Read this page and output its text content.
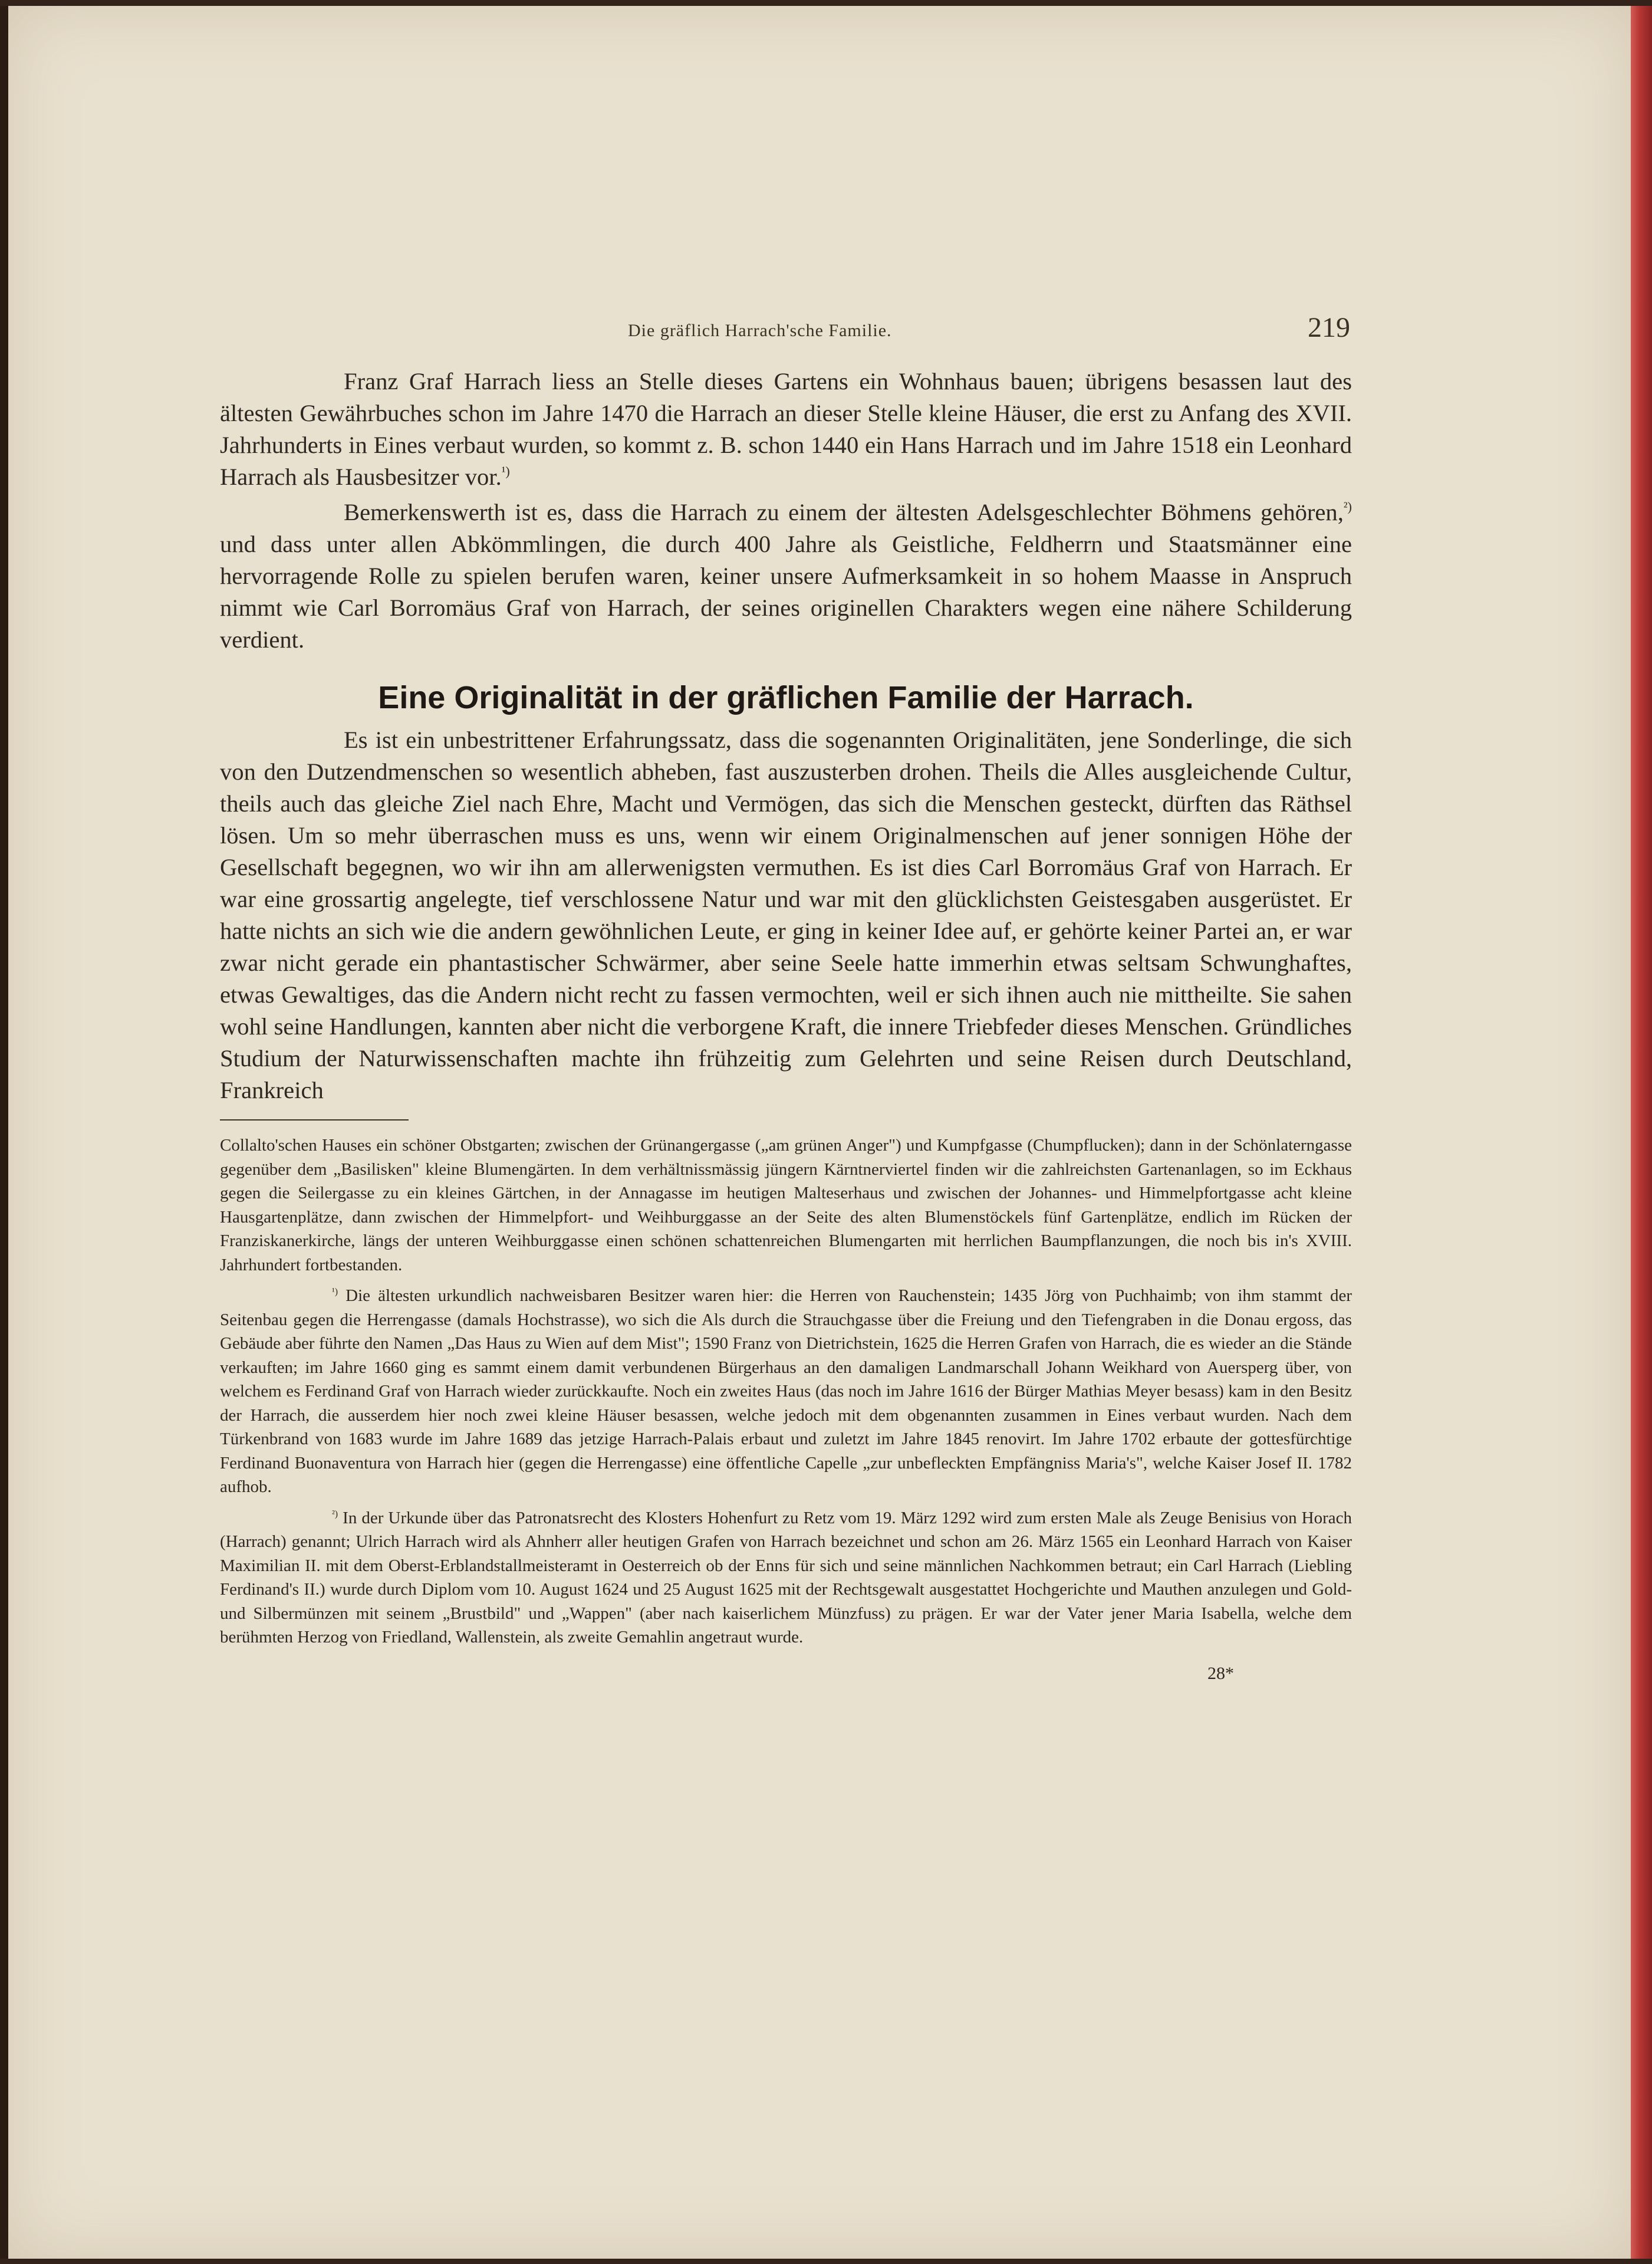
Die gräflich Harrach'sche Familie.	219

Franz Graf Harrach liess an Stelle dieses Gartens ein Wohnhaus bauen; übrigens besassen laut des ältesten Gewährbuches schon im Jahre 1470 die Harrach an dieser Stelle kleine Häuser, die erst zu Anfang des XVII. Jahrhunderts in Eines verbaut wurden, so kommt z. B. schon 1440 ein Hans Harrach und im Jahre 1518 ein Leonhard Harrach als Hausbesitzer vor.$^{^1)}$

Bemerkenswerth ist es, dass die Harrach zu einem der ältesten Adelsgeschlechter Böhmens gehören,$^{^2)}$ und dass unter allen Abkömmlingen, die durch 400 Jahre als Geistliche, Feldherrn und Staatsmänner eine hervorragende Rolle zu spielen berufen waren, keiner unsere Aufmerksamkeit in so hohem Maasse in Anspruch nimmt wie Carl Borromäus Graf von Harrach, der seines originellen Charakters wegen eine nähere Schilderung verdient.

Eine Originalität in der gräflichen Familie der Harrach.

Es ist ein unbestrittener Erfahrungssatz, dass die sogenannten Originalitäten, jene Sonderlinge, die sich von den Dutzendmenschen so wesentlich abheben, fast auszusterben drohen. Theils die Alles ausgleichende Cultur, theils auch das gleiche Ziel nach Ehre, Macht und Vermögen, das sich die Menschen gesteckt, dürften das Räthsel lösen. Um so mehr überraschen muss es uns, wenn wir einem Originalmenschen auf jener sonnigen Höhe der Gesellschaft begegnen, wo wir ihn am allerwenigsten vermuthen. Es ist dies Carl Borromäus Graf von Harrach. Er war eine grossartig angelegte, tief verschlossene Natur und war mit den glücklichsten Geistesgaben ausgerüstet. Er hatte nichts an sich wie die andern gewöhnlichen Leute, er ging in keiner Idee auf, er gehörte keiner Partei an, er war zwar nicht gerade ein phantastischer Schwärmer, aber seine Seele hatte immerhin etwas seltsam Schwunghaftes, etwas Gewaltiges, das die Andern nicht recht zu fassen vermochten, weil er sich ihnen auch nie mittheilte. Sie sahen wohl seine Handlungen, kannten aber nicht die verborgene Kraft, die innere Triebfeder dieses Menschen. Gründliches Studium der Naturwissenschaften machte ihn frühzeitig zum Gelehrten und seine Reisen durch Deutschland, Frankreich

Collalto'schen Hauses ein schöner Obstgarten; zwischen der Grünangergasse („am grünen Anger") und Kumpfgasse (Chumpflucken); dann in der Schönlaterngasse gegenüber dem „Basilisken" kleine Blumengärten. In dem verhältnissmässig jüngern Kärntnerviertel finden wir die zahlreichsten Gartenanlagen, so im Eckhaus gegen die Seilergasse zu ein kleines Gärtchen, in der Annagasse im heutigen Malteserhaus und zwischen der Johannes- und Himmelpfortgasse acht kleine Hausgartenplätze, dann zwischen der Himmelpfort- und Weihburggasse an der Seite des alten Blumenstöckels fünf Gartenplätze, endlich im Rücken der Franziskanerkirche, längs der unteren Weihburggasse einen schönen schattenreichen Blumengarten mit herrlichen Baumpflanzungen, die noch bis in's XVIII. Jahrhundert fortbestanden.

$^{^1)}$ Die ältesten urkundlich nachweisbaren Besitzer waren hier: die Herren von Rauchenstein; 1435 Jörg von Puchhaimb; von ihm stammt der Seitenbau gegen die Herrengasse (damals Hochstrasse), wo sich die Als durch die Strauchgasse über die Freiung und den Tiefengraben in die Donau ergoss, das Gebäude aber führte den Namen „Das Haus zu Wien auf dem Mist"; 1590 Franz von Dietrichstein, 1625 die Herren Grafen von Harrach, die es wieder an die Stände verkauften; im Jahre 1660 ging es sammt einem damit verbundenen Bürgerhaus an den damaligen Landmarschall Johann Weikhard von Auersperg über, von welchem es Ferdinand Graf von Harrach wieder zurückkaufte. Noch ein zweites Haus (das noch im Jahre 1616 der Bürger Mathias Meyer besass) kam in den Besitz der Harrach, die ausserdem hier noch zwei kleine Häuser besassen, welche jedoch mit dem obgenannten zusammen in Eines verbaut wurden. Nach dem Türkenbrand von 1683 wurde im Jahre 1689 das jetzige Harrach-Palais erbaut und zuletzt im Jahre 1845 renovirt. Im Jahre 1702 erbaute der gottesfürchtige Ferdinand Buonaventura von Harrach hier (gegen die Herrengasse) eine öffentliche Capelle „zur unbefleckten Empfängniss Maria's", welche Kaiser Josef II. 1782 aufhob.

$^{^2)}$ In der Urkunde über das Patronatsrecht des Klosters Hohenfurt zu Retz vom 19. März 1292 wird zum ersten Male als Zeuge Benisius von Horach (Harrach) genannt; Ulrich Harrach wird als Ahnherr aller heutigen Grafen von Harrach bezeichnet und schon am 26. März 1565 ein Leonhard Harrach von Kaiser Maximilian II. mit dem Oberst-Erblandstallmeisteramt in Oesterreich ob der Enns für sich und seine männlichen Nachkommen betraut; ein Carl Harrach (Liebling Ferdinand's II.) wurde durch Diplom vom 10. August 1624 und 25 August 1625 mit der Rechtsgewalt ausgestattet Hochgerichte und Mauthen anzulegen und Gold- und Silbermünzen mit seinem „Brustbild" und „Wappen" (aber nach kaiserlichem Münzfuss) zu prägen. Er war der Vater jener Maria Isabella, welche dem berühmten Herzog von Friedland, Wallenstein, als zweite Gemahlin angetraut wurde.

28*
